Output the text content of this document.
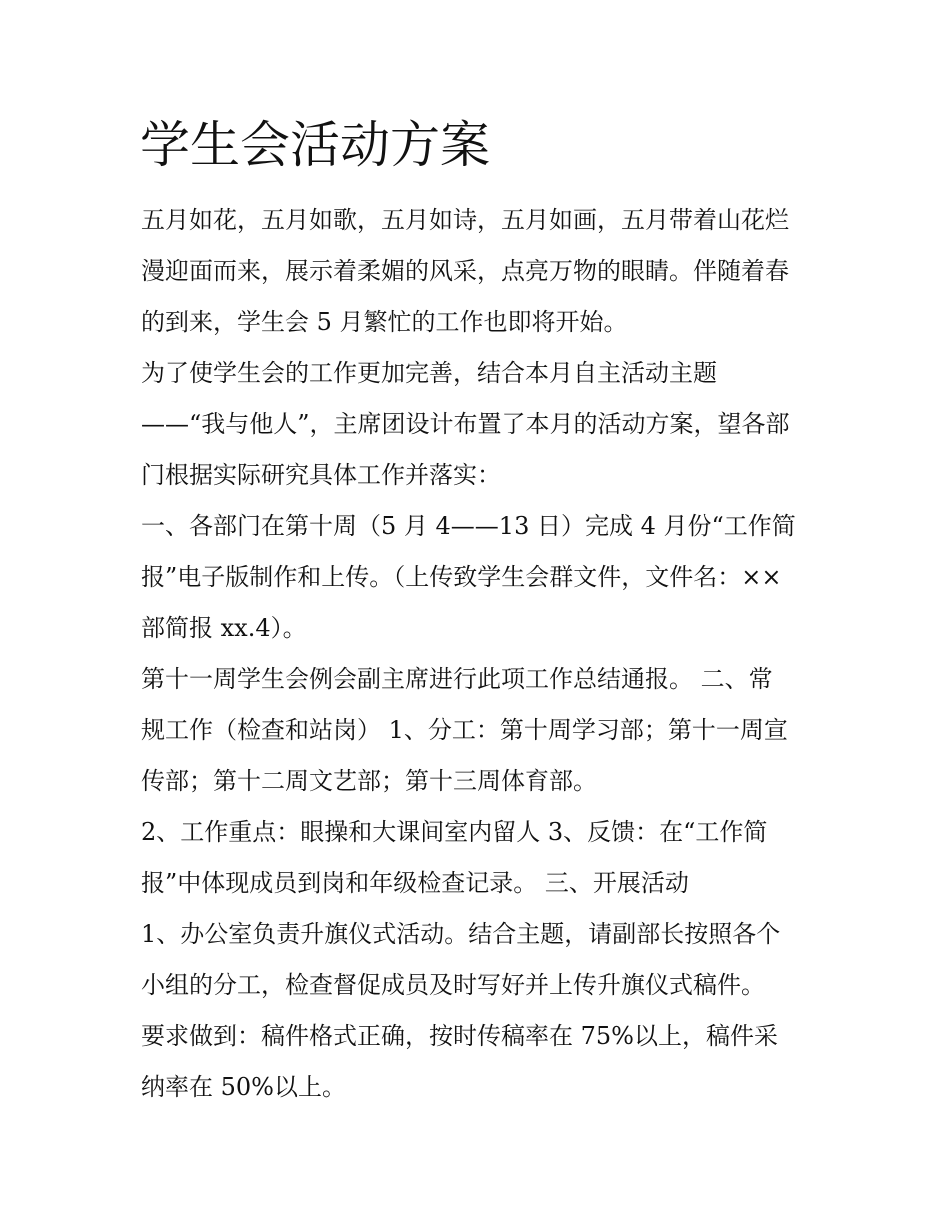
学生会活动方案

五月如花，五月如歌，五月如诗，五月如画，五月带着山花烂

漫迎面而来，展示着柔媚的风采，点亮万物的眼睛。伴随着春

的到来，学生会 5 月繁忙的工作也即将开始。

为了使学生会的工作更加完善，结合本月自主活动主题

——“我与他人”，主席团设计布置了本月的活动方案，望各部

门根据实际研究具体工作并落实：

一、各部门在第十周（5 月 4——13 日）完成 4 月份“工作简

报”电子版制作和上传。（上传致学生会群文件，文件名：××

部简报 xx.4）。

第十一周学生会例会副主席进行此项工作总结通报。 二、常

规工作（检查和站岗） 1、分工：第十周学习部；第十一周宣

传部；第十二周文艺部；第十三周体育部。

2、工作重点：眼操和大课间室内留人 3、反馈：在“工作简

报”中体现成员到岗和年级检查记录。 三、开展活动

1、办公室负责升旗仪式活动。结合主题，请副部长按照各个

小组的分工，检查督促成员及时写好并上传升旗仪式稿件。

要求做到：稿件格式正确，按时传稿率在 75%以上，稿件采

纳率在 50%以上。
